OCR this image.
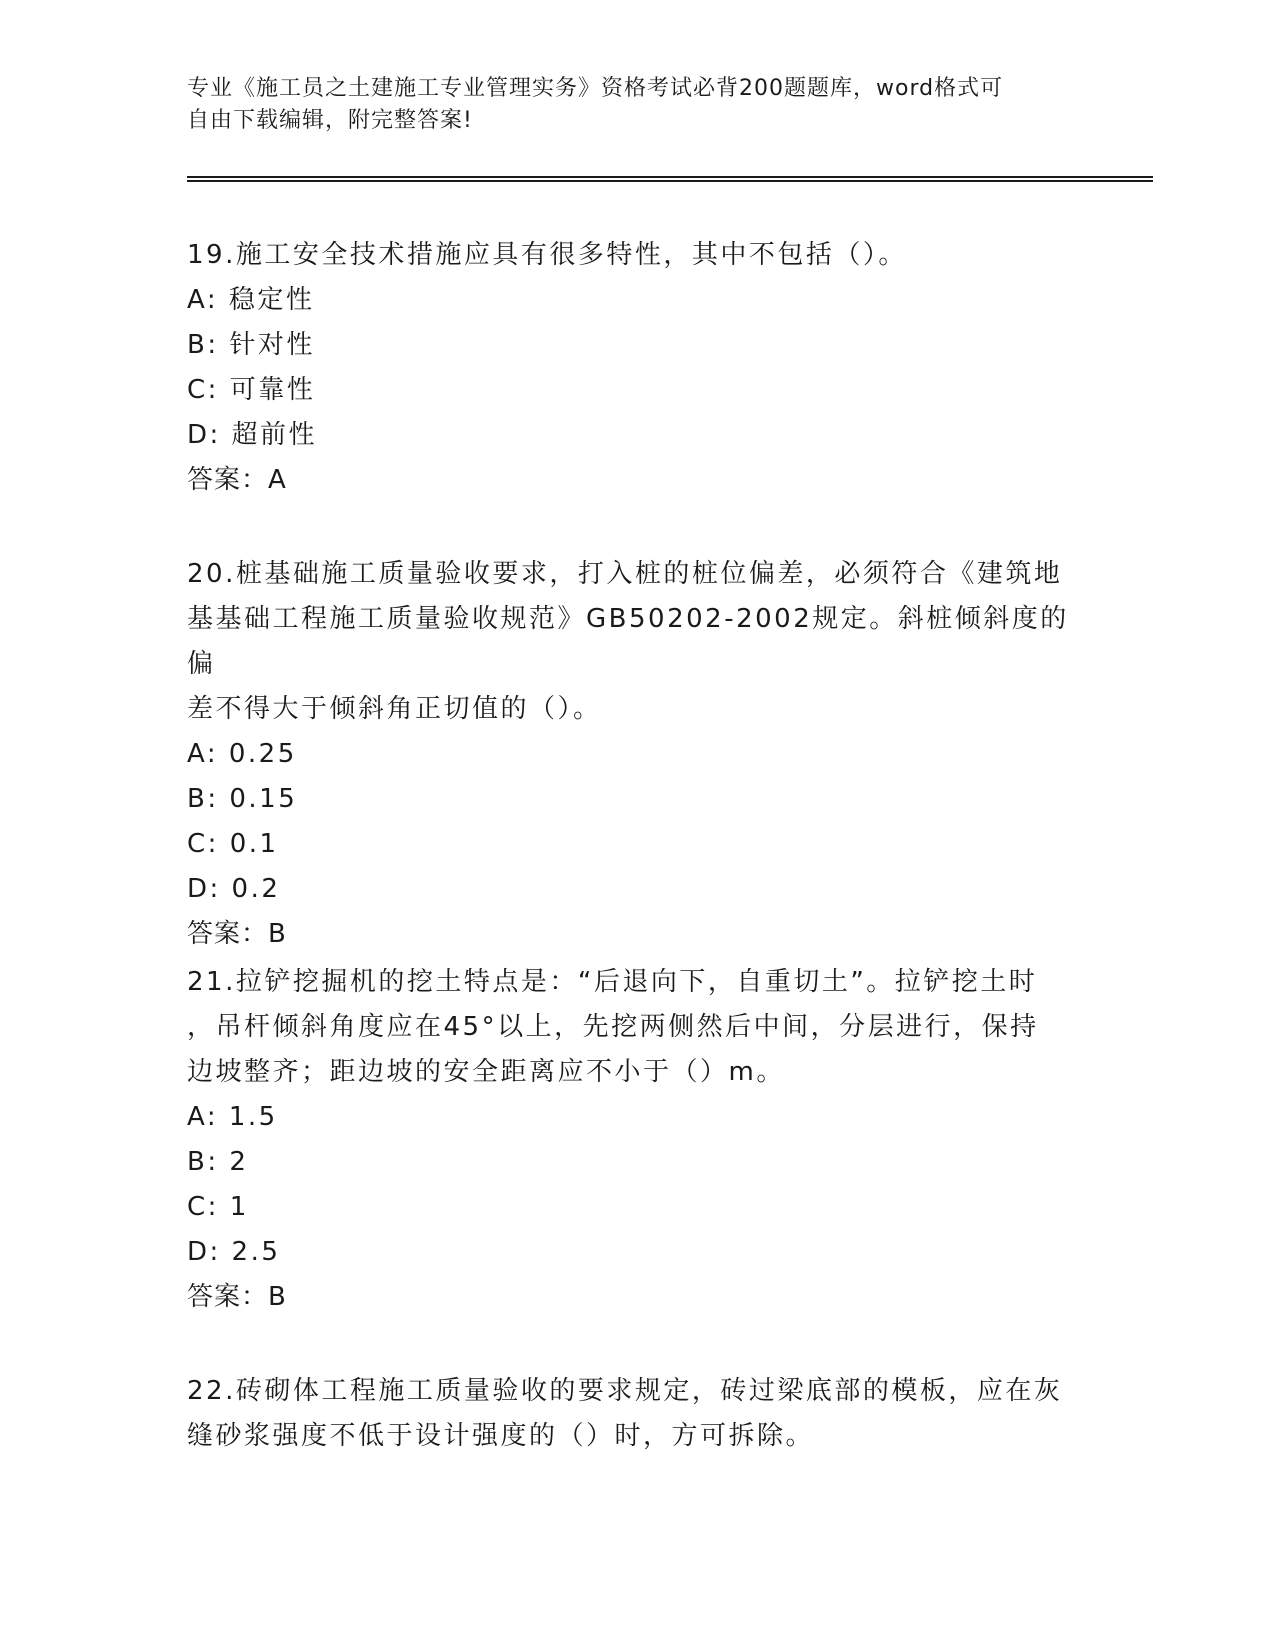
专业《施工员之土建施工专业管理实务》资格考试必背200题题库，word格式可
自由下载编辑，附完整答案!

19.施工安全技术措施应具有很多特性，其中不包括（）。

A: 稳定性

B: 针对性

C: 可靠性

D: 超前性

答案：A

20.桩基础施工质量验收要求，打入桩的桩位偏差，必须符合《建筑地

基基础工程施工质量验收规范》GB50202-2002规定。斜桩倾斜度的偏

差不得大于倾斜角正切值的（）。

A: 0.25

B: 0.15

C: 0.1

D: 0.2

答案：B

21.拉铲挖掘机的挖土特点是：“后退向下，自重切土”。拉铲挖土时

，吊杆倾斜角度应在45°以上，先挖两侧然后中间，分层进行，保持

边坡整齐；距边坡的安全距离应不小于（）m。

A: 1.5

B: 2

C: 1

D: 2.5

答案：B

22.砖砌体工程施工质量验收的要求规定，砖过梁底部的模板，应在灰

缝砂浆强度不低于设计强度的（）时，方可拆除。
